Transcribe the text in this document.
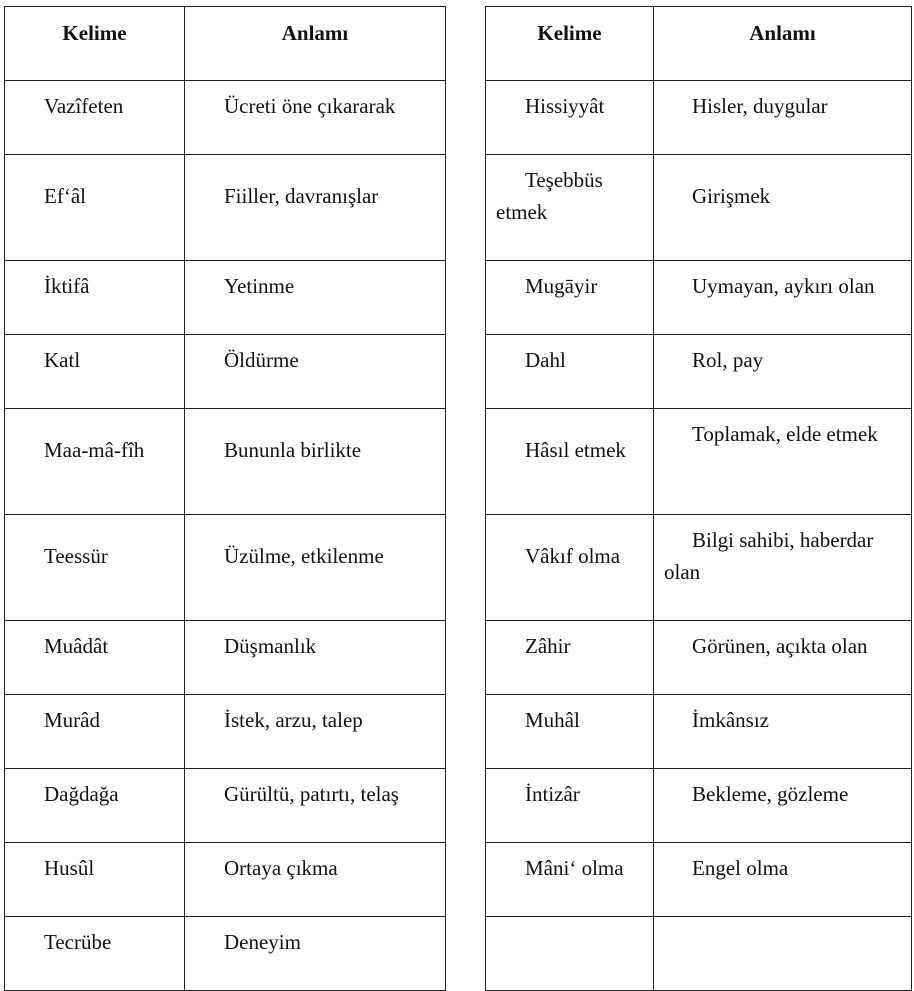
Kelime	Anlamı
Vazîfeten	Ücreti öne çıkararak
Ef‘âl	Fiiller, davranışlar
İktifâ	Yetinme
Katl	Öldürme
Maa-mâ-fîh	Bununla birlikte
Teessür	Üzülme, etkilenme
Muâdât	Düşmanlık
Murâd	İstek, arzu, talep
Dağdağa	Gürültü, patırtı, telaş
Husûl	Ortaya çıkma
Tecrübe	Deneyim
Kelime	Anlamı
Hissiyyât	Hisler, duygular
Teşebbüs etmek	Girişmek
Mugāyir	Uymayan, aykırı olan
Dahl	Rol, pay
Hâsıl etmek	Toplamak, elde etmek
Vâkıf olma	Bilgi sahibi, haberdar olan
Zâhir	Görünen, açıkta olan
Muhâl	İmkânsız
İntizâr	Bekleme, gözleme
Mâni‘ olma	Engel olma
